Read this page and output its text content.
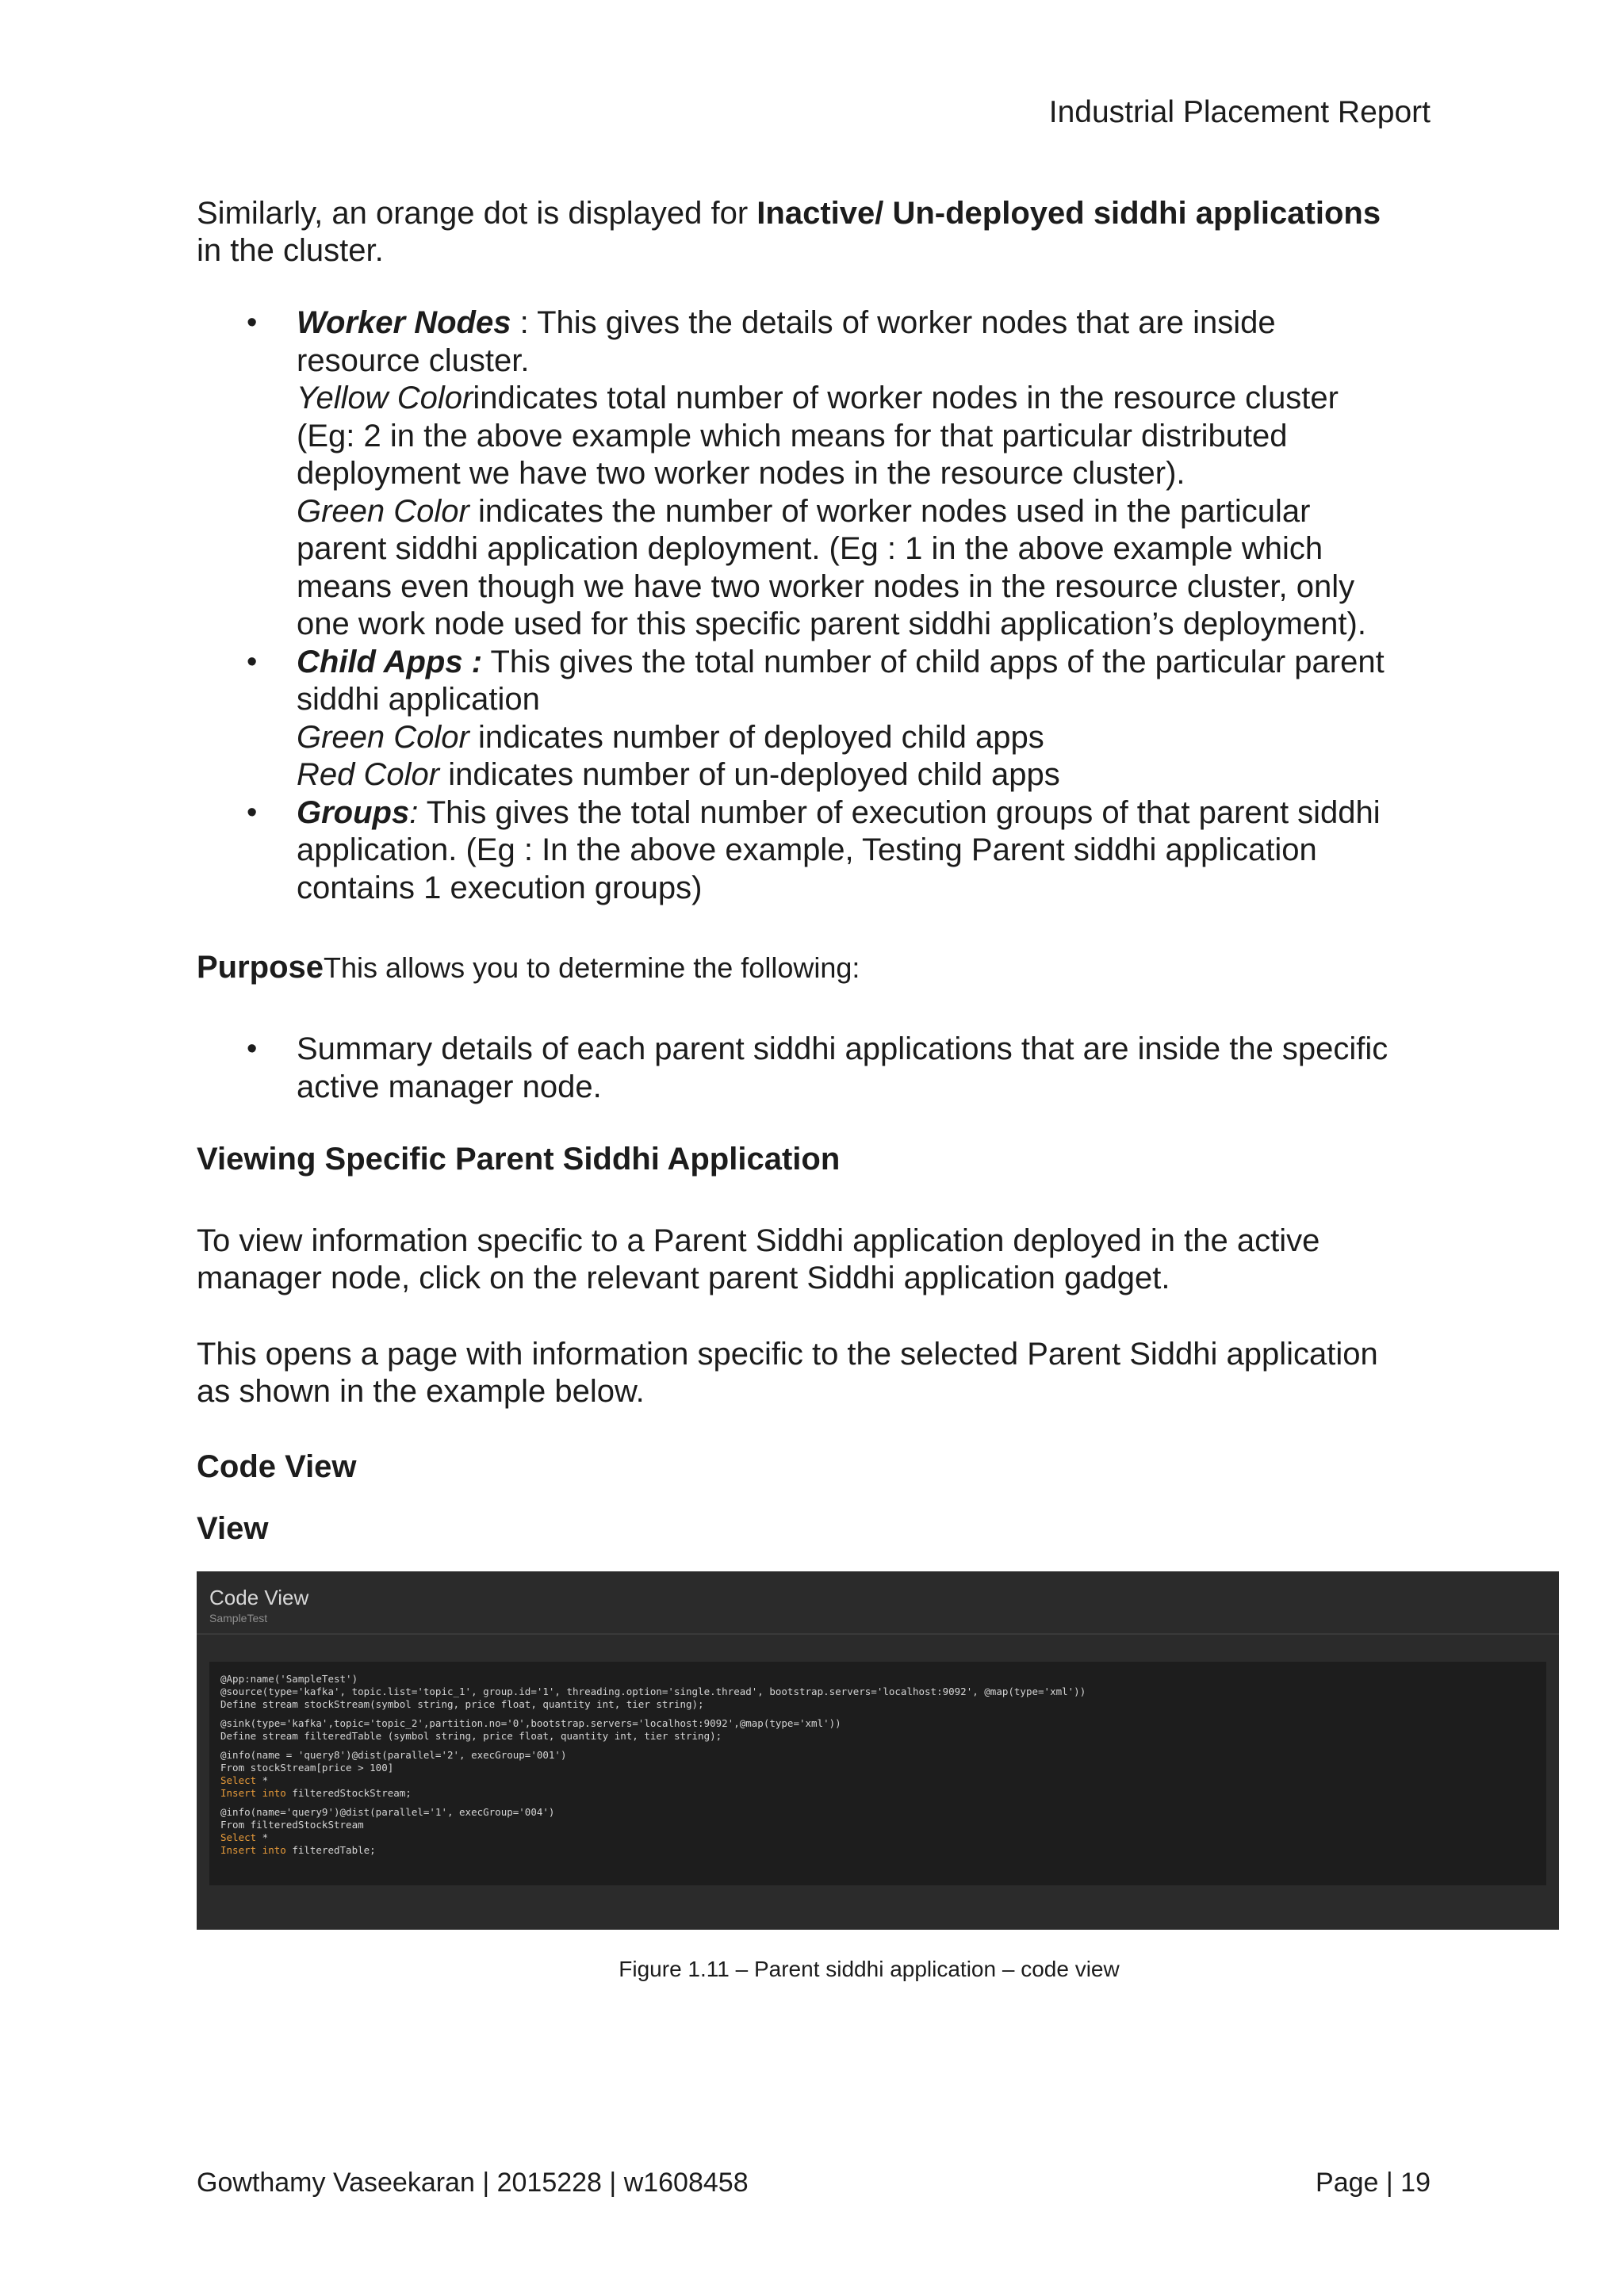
Industrial Placement Report
Similarly, an orange dot is displayed for Inactive/ Un-deployed siddhi applications
in the cluster.
• Worker Nodes : This gives the details of worker nodes that are inside
resource cluster.
Yellow Colorindicates total number of worker nodes in the resource cluster
(Eg: 2 in the above example which means for that particular distributed
deployment we have two worker nodes in the resource cluster).
Green Color indicates the number of worker nodes used in the particular
parent siddhi application deployment. (Eg : 1 in the above example which
means even though we have two worker nodes in the resource cluster, only
one work node used for this specific parent siddhi application’s deployment).
• Child Apps : This gives the total number of child apps of the particular parent
siddhi application
Green Color indicates number of deployed child apps
Red Color indicates number of un-deployed child apps
• Groups: This gives the total number of execution groups of that parent siddhi
application. (Eg : In the above example, Testing Parent siddhi application
contains 1 execution groups)
PurposeThis allows you to determine the following:
• Summary details of each parent siddhi applications that are inside the specific
active manager node.
Viewing Specific Parent Siddhi Application
To view information specific to a Parent Siddhi application deployed in the active
manager node, click on the relevant parent Siddhi application gadget.
This opens a page with information specific to the selected Parent Siddhi application
as shown in the example below.
Code View
View
Code View
SampleTest
@App:name('SampleTest')
@source(type='kafka', topic.list='topic_1', group.id='1', threading.option='single.thread', bootstrap.servers='localhost:9092', @map(type='xml'))
Define stream stockStream(symbol string, price float, quantity int, tier string);
@sink(type='kafka',topic='topic_2',partition.no='0',bootstrap.servers='localhost:9092',@map(type='xml'))
Define stream filteredTable (symbol string, price float, quantity int, tier string);
@info(name = 'query8')@dist(parallel='2', execGroup='001')
From stockStream[price > 100]
Select *
Insert into filteredStockStream;
@info(name='query9')@dist(parallel='1', execGroup='004')
From filteredStockStream
Select *
Insert into filteredTable;
Figure 1.11 – Parent siddhi application – code view
Gowthamy Vaseekaran | 2015228 | w1608458	Page | 19
